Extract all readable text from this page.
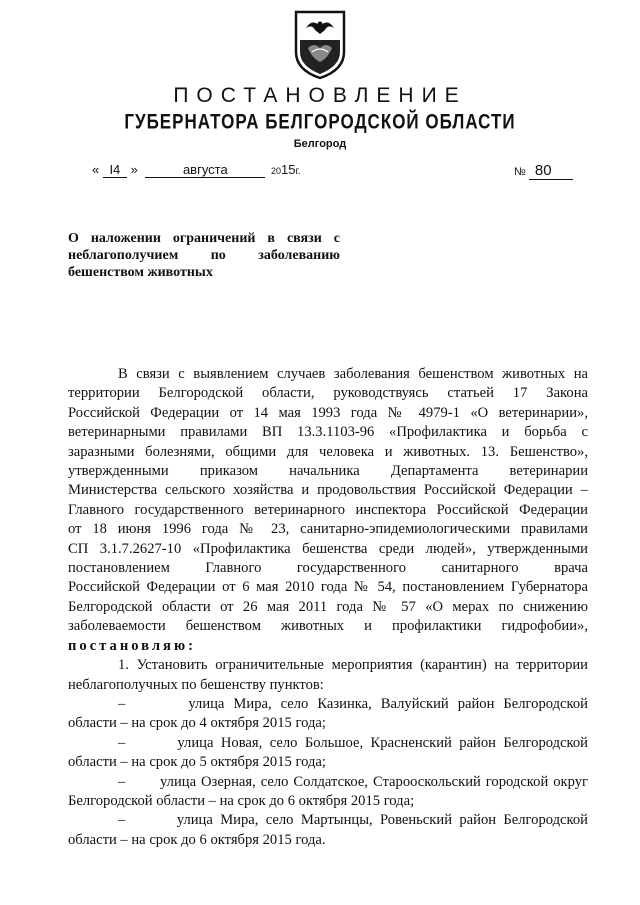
ПОСТАНОВЛЕНИЕ
ГУБЕРНАТОРА БЕЛГОРОДСКОЙ ОБЛАСТИ
Белгород
« I4 »	августа	2015г.	№ 80
О наложении ограничений в связи с
неблагополучием по заболеванию
бешенством животных
В связи с выявлением случаев заболевания бешенством животных на
территории Белгородской области, руководствуясь статьей 17 Закона
Российской Федерации от 14 мая 1993 года № 4979-1 «О ветеринарии»,
ветеринарными правилами ВП 13.3.1103-96 «Профилактика и борьба с
заразными болезнями, общими для человека и животных. 13. Бешенство»,
утвержденными приказом начальника Департамента ветеринарии
Министерства сельского хозяйства и продовольствия Российской Федерации –
Главного государственного ветеринарного инспектора Российской Федерации
от 18 июня 1996 года № 23, санитарно-эпидемиологическими правилами
СП 3.1.7.2627-10 «Профилактика бешенства среди людей», утвержденными
постановлением Главного государственного санитарного врача
Российской Федерации от 6 мая 2010 года № 54, постановлением Губернатора
Белгородской области от 26 мая 2011 года № 57 «О мерах по снижению
заболеваемости бешенством животных и профилактики гидрофобии»,
постановляю:
1. Установить ограничительные мероприятия (карантин) на территории
неблагополучных по бешенству пунктов:
–	улица Мира, село Казинка, Валуйский район Белгородской
области – на срок до 4 октября 2015 года;
–	улица Новая, село Большое, Красненский район Белгородской
области – на срок до 5 октября 2015 года;
– улица Озерная, село Солдатское, Старооскольский городской округ
Белгородской области – на срок до 6 октября 2015 года;
–	улица Мира, село Мартынцы, Ровеньский район Белгородской
области – на срок до 6 октября 2015 года.
